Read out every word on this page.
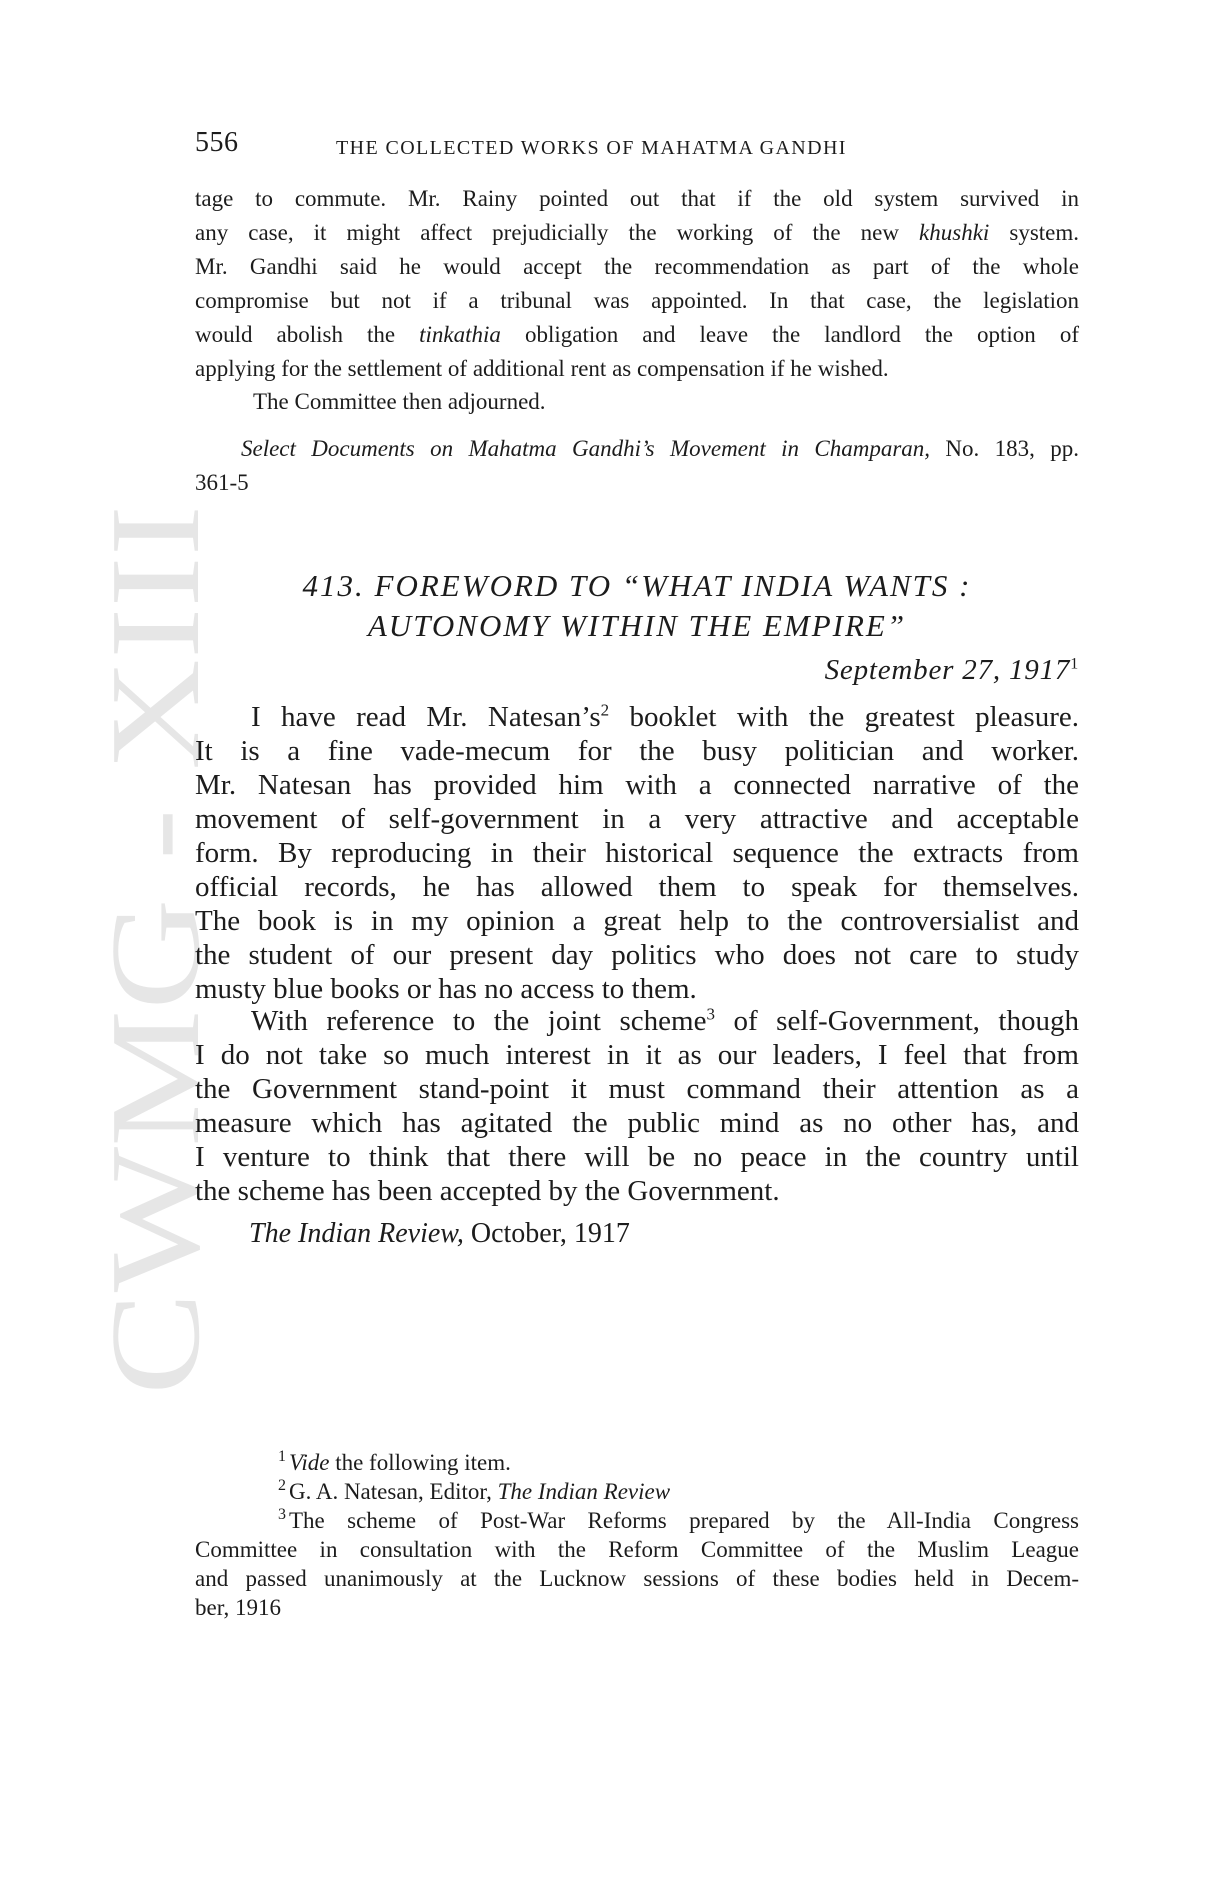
CWMG - XIII
556	THE COLLECTED WORKS OF MAHATMA GANDHI
tage to commute. Mr. Rainy pointed out that if the old system survived in
any case, it might affect prejudicially the working of the new khushki system.
Mr. Gandhi said he would accept the recommendation as part of the whole
compromise but not if a tribunal was appointed. In that case, the legislation
would abolish the tinkathia obligation and leave the landlord the option of
applying for the settlement of additional rent as compensation if he wished.
The Committee then adjourned.
Select Documents on Mahatma Gandhi’s Movement in Champaran, No. 183, pp.
361-5
413. FOREWORD TO “WHAT INDIA WANTS :
AUTONOMY WITHIN THE EMPIRE”
September 27, 1917$^1$
I have read Mr. Natesan’s$^2$ booklet with the greatest pleasure.
It is a fine vade-mecum for the busy politician and worker.
Mr. Natesan has provided him with a connected narrative of the
movement of self-government in a very attractive and acceptable
form. By reproducing in their historical sequence the extracts from
official records, he has allowed them to speak for themselves.
The book is in my opinion a great help to the controversialist and
the student of our present day politics who does not care to study
musty blue books or has no access to them.
With reference to the joint scheme$^3$ of self-Government, though
I do not take so much interest in it as our leaders, I feel that from
the Government stand-point it must command their attention as a
measure which has agitated the public mind as no other has, and
I venture to think that there will be no peace in the country until
the scheme has been accepted by the Government.
The Indian Review, October, 1917
$^1$ Vide the following item.
$^2$ G. A. Natesan, Editor, The Indian Review
$^3$ The scheme of Post-War Reforms prepared by the All-India Congress
Committee in consultation with the Reform Committee of the Muslim League
and passed unanimously at the Lucknow sessions of these bodies held in Decem-
ber, 1916
